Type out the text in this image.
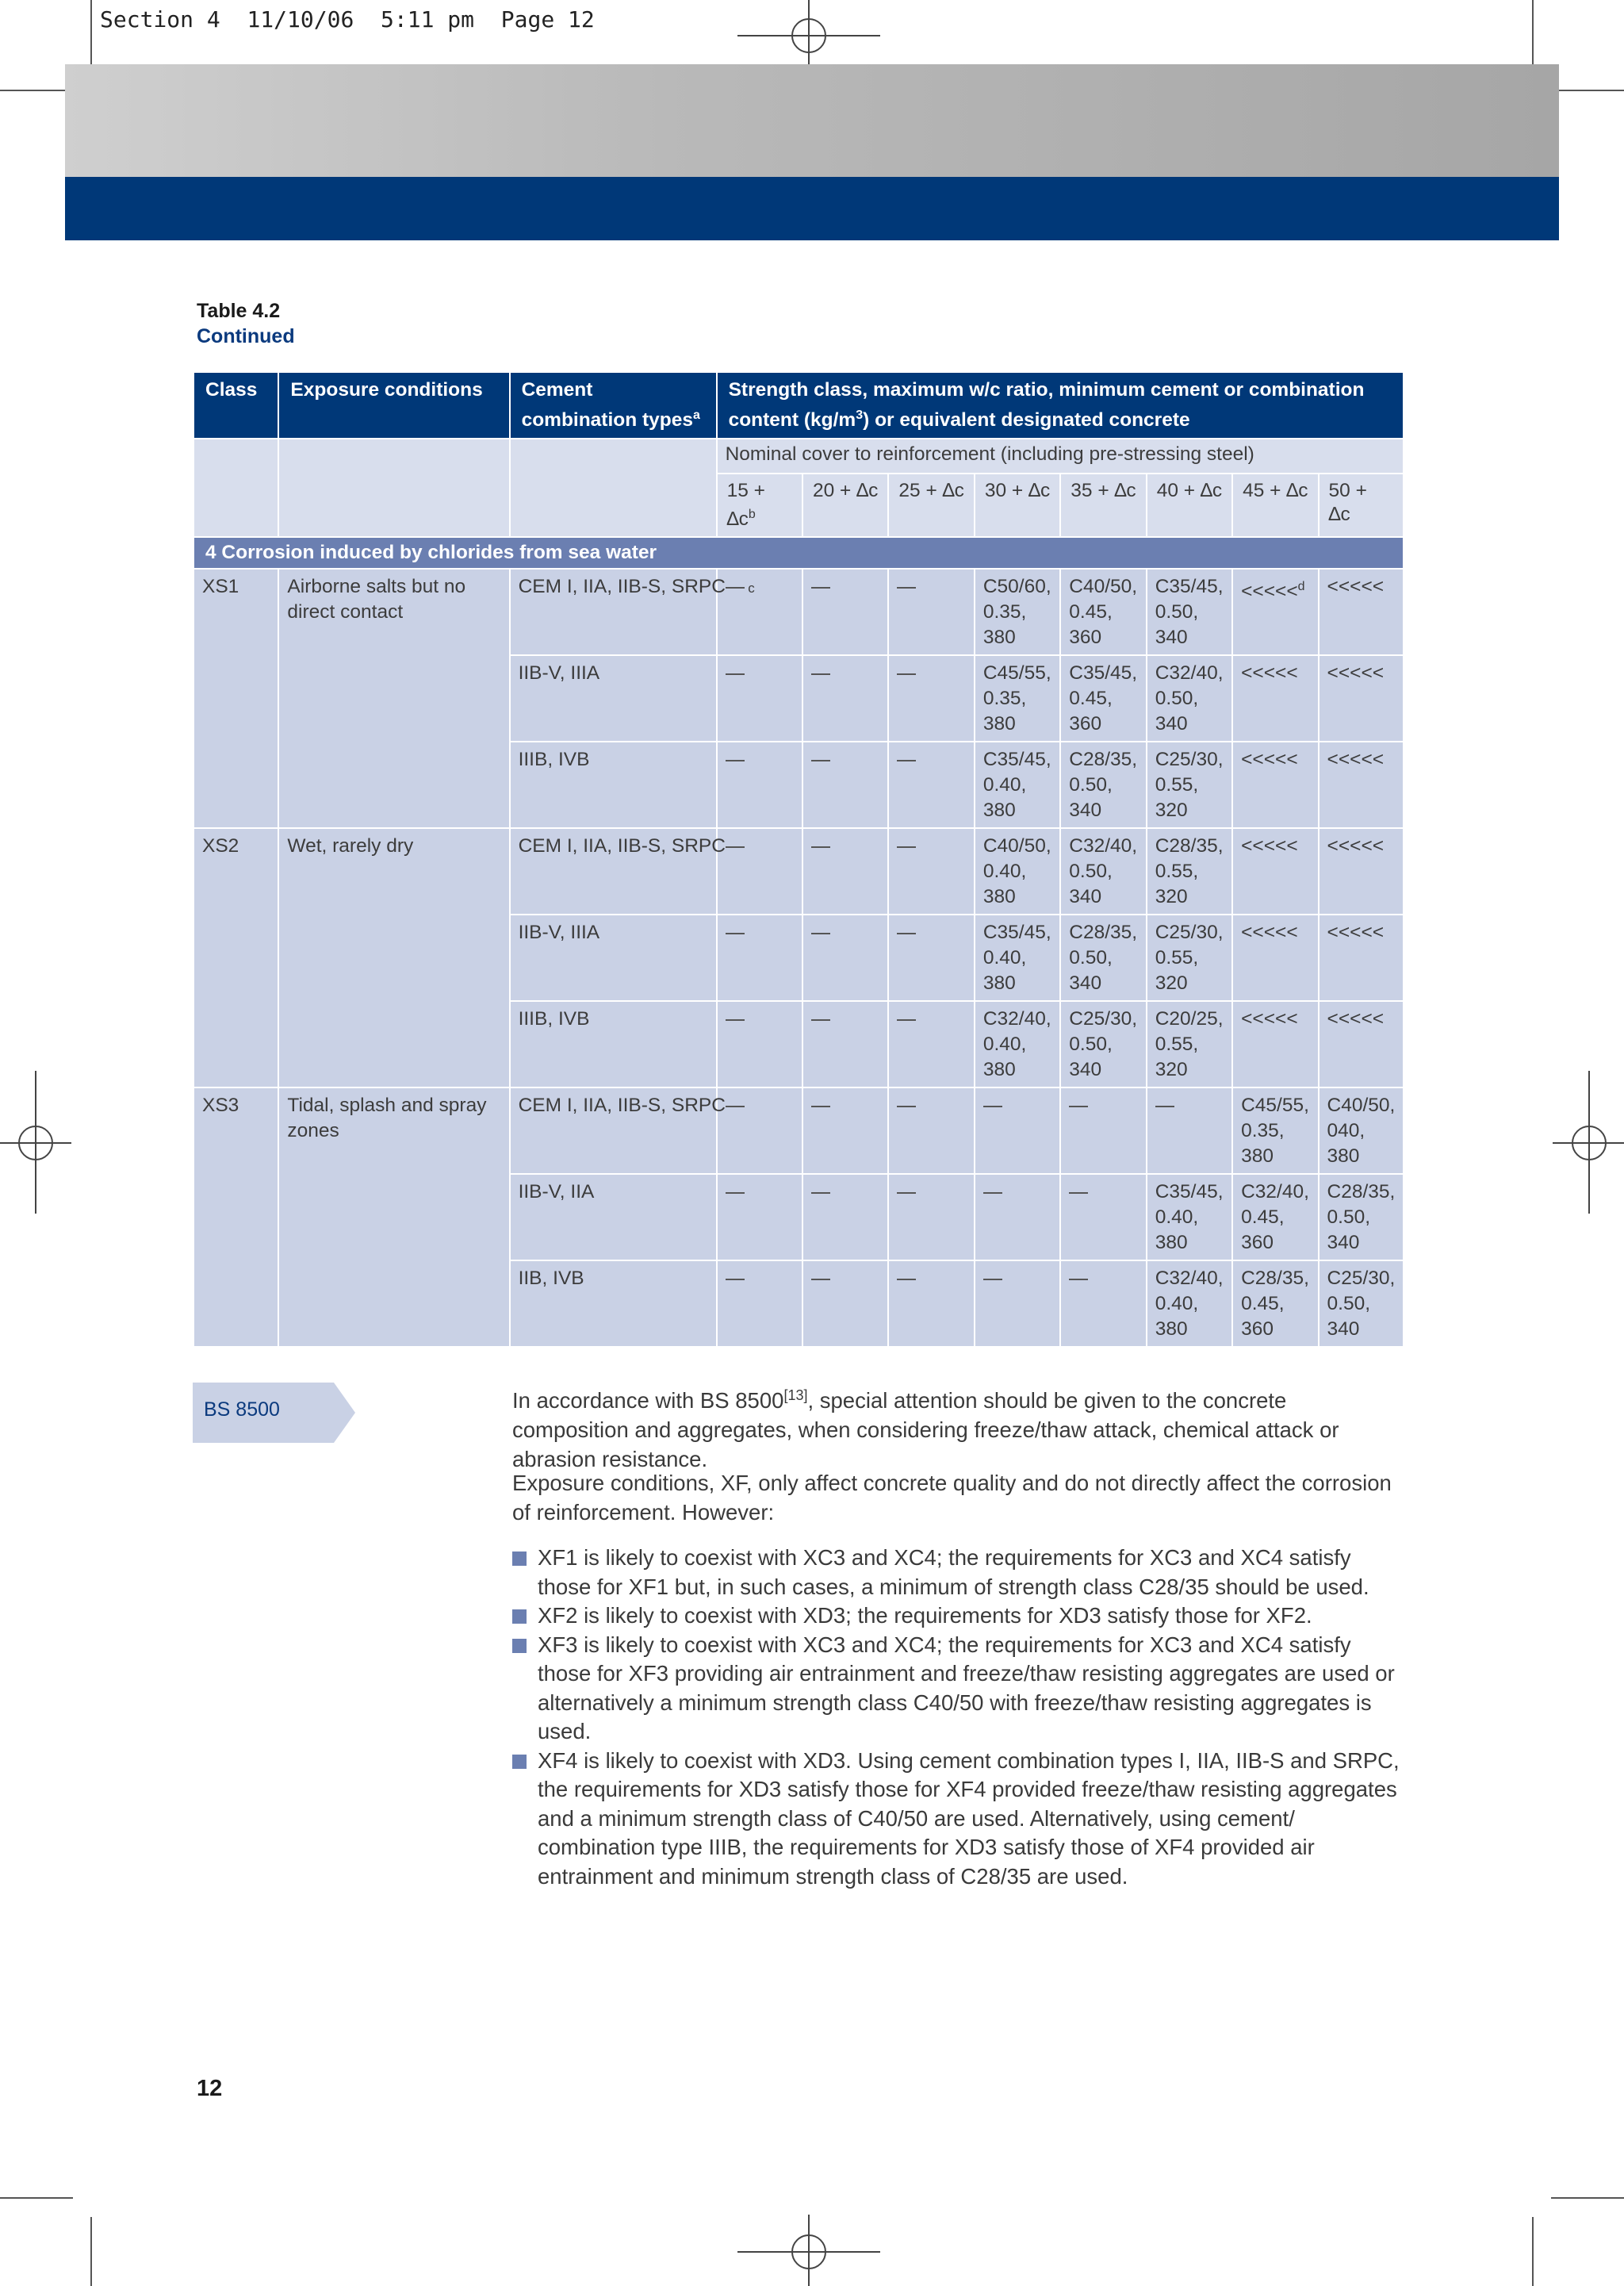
Section 4 11/10/06 5:11 pm Page 12
Table 4.2
Continued
Class	Exposure conditions	Cement
combination types$^a$	Strength class, maximum w/c ratio, minimum cement or combination
content $(kg/m^3)$ or equivalent designated concrete							
			Nominal cover to reinforcement (including pre-stressing steel)							
			$15 + \Delta c^b$	20 + ∆c	25 + ∆c	30 + ∆c	35 + ∆c	40 + ∆c	45 + ∆c	50 + ∆c
4 Corrosion induced by chlorides from sea water										
XS1	Airborne salts but no direct contact	CEM I, IIA, IIB-S, SRPC	c			C50/60,
0.35,
380	C40/50,
0.45,
360	C35/45,
0.50,
340	<<<<<$^d$	<<<<<
		IIB-V, IIIA				C45/55,
0.35,
380	C35/45,
0.45,
360	C32/40,
0.50,
340	<<<<<	<<<<<
		IIIB, IVB				C35/45,
0.40,
380	C28/35,
0.50,
340	C25/30,
0.55,
320	<<<<<	<<<<<
XS2	Wet, rarely dry	CEM I, IIA, IIB-S, SRPC				C40/50,
0.40,
380	C32/40,
0.50,
340	C28/35,
0.55,
320	<<<<<	<<<<<
		IIB-V, IIIA				C35/45,
0.40,
380	C28/35,
0.50,
340	C25/30,
0.55,
320	<<<<<	<<<<<
		IIIB, IVB				C32/40,
0.40,
380	C25/30,
0.50,
340	C20/25,
0.55,
320	<<<<<	<<<<<
XS3	Tidal, splash and spray zones	CEM I, IIA, IIB-S, SRPC							C45/55,
0.35,
380	C40/50,
040,
380
		IIB-V, IIA						C35/45,
0.40,
380	C32/40,
0.45,
360	C28/35,
0.50,
340
		IIB, IVB						C32/40,
0.40,
380	C28/35,
0.45,
360	C25/30,
0.50,
340
BS 8500	In accordance with BS 8500[13], special attention should be given to the concrete composition and aggregates, when considering freeze/thaw attack, chemical attack or abrasion resistance.
Exposure conditions, XF, only affect concrete quality and do not directly affect the corrosion of reinforcement. However:
XF1 is likely to coexist with XC3 and XC4; the requirements for XC3 and XC4 satisfy those for XF1 but, in such cases, a minimum of strength class C28/35 should be used.
XF2 is likely to coexist with XD3; the requirements for XD3 satisfy those for XF2.
XF3 is likely to coexist with XC3 and XC4; the requirements for XC3 and XC4 satisfy those for XF3 providing air entrainment and freeze/thaw resisting aggregates are used or alternatively a minimum strength class C40/50 with freeze/thaw resisting aggregates is used.
XF4 is likely to coexist with XD3. Using cement combination types I, IIA, IIB-S and SRPC, the requirements for XD3 satisfy those for XF4 provided freeze/thaw resisting aggregates and a minimum strength class of C40/50 are used. Alternatively, using cement/ combination type IIIB, the requirements for XD3 satisfy those of XF4 provided air entrainment and minimum strength class of C28/35 are used.
12
